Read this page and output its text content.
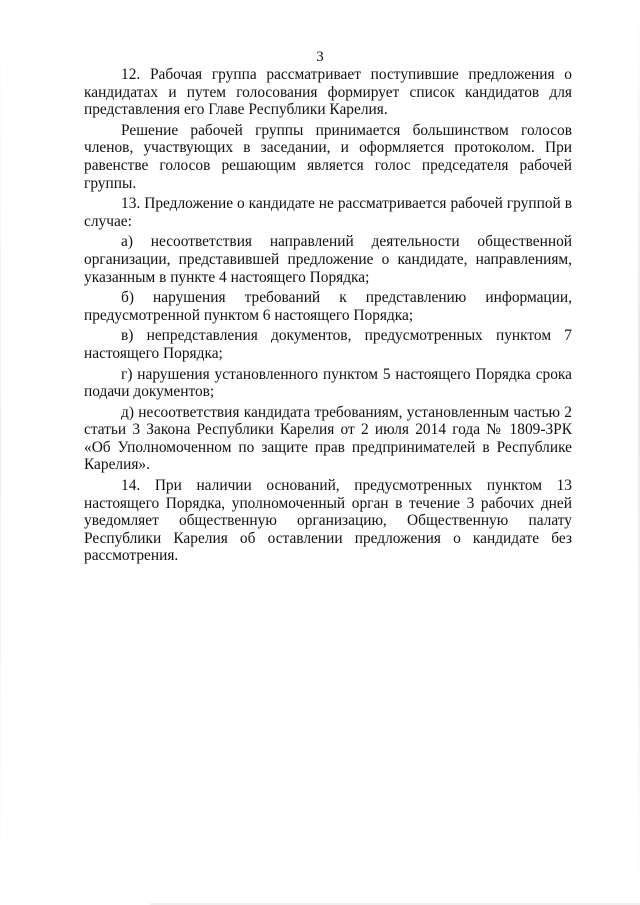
3

12. Рабочая группа рассматривает поступившие предложения о кандидатах и путем голосования формирует список кандидатов для представления его Главе Республики Карелия.

Решение рабочей группы принимается большинством голосов членов, участвующих в заседании, и оформляется протоколом. При равенстве голосов решающим является голос председателя рабочей группы.

13. Предложение о кандидате не рассматривается рабочей группой в случае:

а) несоответствия направлений деятельности общественной организации, представившей предложение о кандидате, направлениям, указанным в пункте 4 настоящего Порядка;

б) нарушения требований к представлению информации, предусмотренной пунктом 6 настоящего Порядка;

в) непредставления документов, предусмотренных пунктом 7 настоящего Порядка;

г) нарушения установленного пунктом 5 настоящего Порядка срока подачи документов;

д) несоответствия кандидата требованиям, установленным частью 2 статьи 3 Закона Республики Карелия от 2 июля 2014 года № 1809-ЗРК «Об Уполномоченном по защите прав предпринимателей в Республике Карелия».

14. При наличии оснований, предусмотренных пунктом 13 настоящего Порядка, уполномоченный орган в течение 3 рабочих дней уведомляет общественную организацию, Общественную палату Республики Карелия об оставлении предложения о кандидате без рассмотрения.
